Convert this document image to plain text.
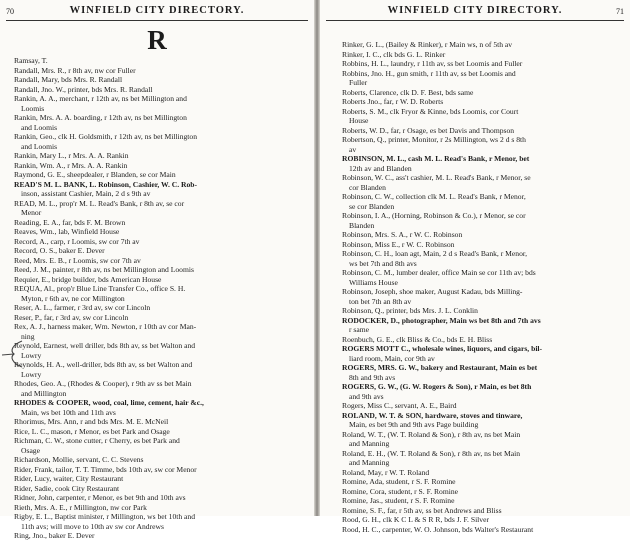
70	WINFIELD CITY DIRECTORY.
R
Ramsay, T.
Randall, Mrs. R., r 8th av, nw cor Fuller
Randall, Mary, bds Mrs. R. Randall
Randall, Jno. W., printer, bds Mrs. R. Randall
Rankin, A. A., merchant, r 12th av, ns bet Millington and
Loomis
Rankin, Mrs. A. A. boarding, r 12th av, ns bet Millington
and Loomis
Rankin, Geo., clk H. Goldsmith, r 12th av, ns bet Millington
and Loomis
Rankin, Mary L., r Mrs. A. A. Rankin
Rankin, Wm. A., r Mrs. A. A. Rankin
Raymond, G. E., sheepdealer, r Blanden, se cor Main
READ'S M. L. BANK, L. Robinson, Cashier, W. C. Rob-
inson, assistant Cashier, Main, 2 d s 9th av
READ, M. L., prop'r M. L. Read's Bank, r 8th av, se cor
Menor
Reading, E. A., far, bds F. M. Brown
Reaves, Wm., lab, Winfield House
Record, A., carp, r Loomis, sw cor 7th av
Record, O. S., baker E. Dever
Reed, Mrs. E. B., r Loomis, sw cor 7th av
Reed, J. M., painter, r 8th av, ns bet Millington and Loomis
Requier, E., bridge builder, bds American House
REQUA, Al., prop'r Blue Line Transfer Co., office S. H.
Myton, r 6th av, ne cor Millington
Reser, A. L., farmer, r 3rd av, sw cor Lincoln
Reser, P., far, r 3rd av, sw cor Lincoln
Rex, A. J., harness maker, Wm. Newton, r 10th av cor Man-
ning
Reynold, Earnest, well driller, bds 8th av, ss bet Walton and
Lowry
Reynolds, H. A., well-driller, bds 8th av, ss bet Walton and
Lowry
Rhodes, Geo. A., (Rhodes & Cooper), r 9th av ss bet Main
and Millington
RHODES & COOPER, wood, coal, lime, cement, hair &c.,
Main, ws bet 10th and 11th avs
Rhorimus, Mrs. Ann, r and bds Mrs. M. E. McNeil
Rice, L. C., mason, r Menor, es bet Park and Osage
Richman, C. W., stone cutter, r Cherry, es bet Park and
Osage
Richardson, Mollie, servant, C. C. Stevens
Rider, Frank, tailor, T. T. Timme, bds 10th av, sw cor Menor
Rider, Lucy, waiter, City Restaurant
Rider, Sadie, cook City Restaurant
Ridner, John, carpenter, r Menor, es bet 9th and 10th avs
Rieth, Mrs. A. E., r Millington, nw cor Park
Rigby, E. L., Baptist minister, r Millington, ws bet 10th and
11th avs; will move to 10th av sw cor Andrews
Ring, Jno., baker E. Dever
WINFIELD CITY DIRECTORY.	71
Rinker, G. L., (Bailey & Rinker), r Main ws, n of 5th av
Rinker, I. C., clk bds G. L. Rinker
Robbins, H. L., laundry, r 11th av, ss bet Loomis and Fuller
Robbins, Jno. H., gun smith, r 11th av, ss bet Loomis and
Fuller
Roberts, Clarence, clk D. F. Best, bds same
Roberts Jno., far, r W. D. Roberts
Roberts, S. M., clk Fryor & Kinne, bds Loomis, cor Court
House
Roberts, W. D., far, r Osage, es bet Davis and Thompson
Robertson, Q., printer, Monitor, r 2s Millington, ws 2 d s 8th
av
ROBINSON, M. L., cash M. L. Read's Bank, r Menor, bet
12th av and Blanden
Robinson, W. C., ass't cashier, M. L. Read's Bank, r Menor, se
cor Blanden
Robinson, C. W., collection clk M. L. Read's Bank, r Menor,
se cor Blanden
Robinson, I. A., (Horning, Robinson & Co.), r Menor, se cor
Blanden
Robinson, Mrs. S. A., r W. C. Robinson
Robinson, Miss E., r W. C. Robinson
Robinson, C. H., loan agt, Main, 2 d s Read's Bank, r Menor,
ws bet 7th and 8th avs
Robinson, C. M., lumber dealer, office Main se cor 11th av; bds
Williams House
Robinson, Joseph, shoe maker, August Kadau, bds Milling-
ton bet 7th an 8th av
Robinson, Q., printer, bds Mrs. J. L. Conklin
RODOCKER, D., photographer, Main ws bet 8th and 7th avs
r same
Roenbuch, G. E., clk Bliss & Co., bds E. H. Bliss
ROGERS MOTT C., wholesale wines, liquors, and cigars, bil-
liard room, Main, cor 9th av
ROGERS, MRS. G. W., bakery and Restaurant, Main es bet
8th and 9th avs
ROGERS, G. W., (G. W. Rogers & Son), r Main, es bet 8th
and 9th avs
Rogers, Miss C., servant, A. E., Baird
ROLAND, W. T. & SON, hardware, stoves and tinware,
Main, es bet 9th and 9th avs Page building
Roland, W. T., (W. T. Roland & Son), r 8th av, ns bet Main
and Manning
Roland, E. H., (W. T. Roland & Son), r 8th av, ns bet Main
and Manning
Roland, May, r W. T. Roland
Romine, Ada, student, r S. F. Romine
Romine, Cora, student, r S. F. Romine
Romine, Jas., student, r S. F. Romine
Romine, S. F., far, r 5th av, ss bet Andrews and Bliss
Rood, G. H., clk K C L & S R R, bds J. F. Silver
Rood, H. C., carpenter, W. O. Johnson, bds Walter's Restaurant
